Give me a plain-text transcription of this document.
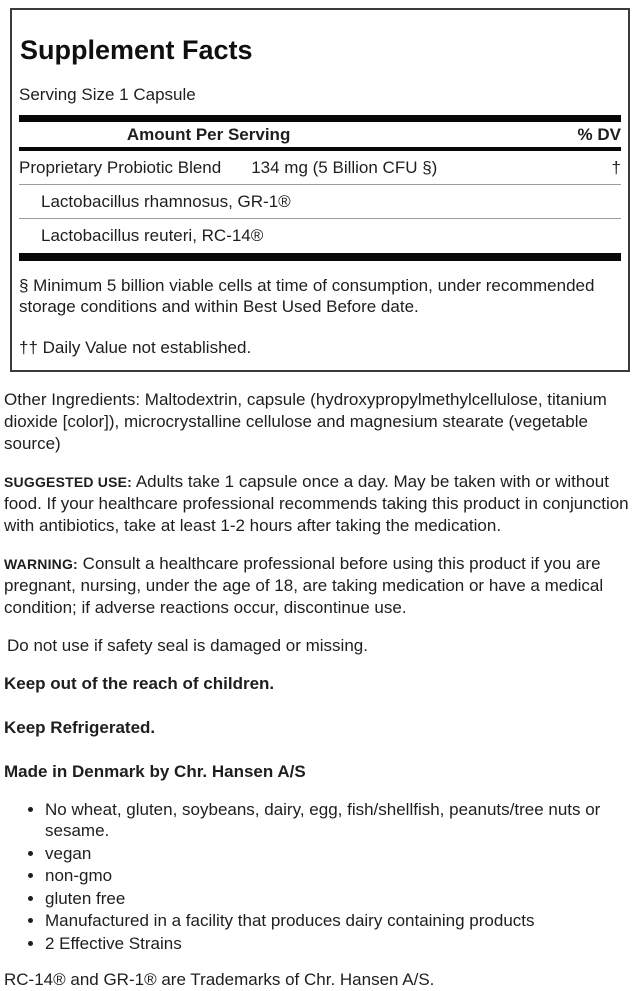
Supplement Facts
Serving Size 1 Capsule
Amount Per Serving	% DV
Proprietary Probiotic Blend 134 mg (5 Billion CFU §)	†
Lactobacillus rhamnosus, GR-1®
Lactobacillus reuteri, RC-14®

§ Minimum 5 billion viable cells at time of consumption, under recommended storage conditions and within Best Used Before date.

†† Daily Value not established.

Other Ingredients: Maltodextrin, capsule (hydroxypropylmethylcellulose, titanium dioxide [color]), microcrystalline cellulose and magnesium stearate (vegetable source)

SUGGESTED USE: Adults take 1 capsule once a day. May be taken with or without food. If your healthcare professional recommends taking this product in conjunction with antibiotics, take at least 1-2 hours after taking the medication.

WARNING: Consult a healthcare professional before using this product if you are pregnant, nursing, under the age of 18, are taking medication or have a medical condition; if adverse reactions occur, discontinue use.

Do not use if safety seal is damaged or missing.

Keep out of the reach of children.

Keep Refrigerated.

Made in Denmark by Chr. Hansen A/S

• No wheat, gluten, soybeans, dairy, egg, fish/shellfish, peanuts/tree nuts or sesame.
• vegan
• non-gmo
• gluten free
• Manufactured in a facility that produces dairy containing products
• 2 Effective Strains

RC-14® and GR-1® are Trademarks of Chr. Hansen A/S.
